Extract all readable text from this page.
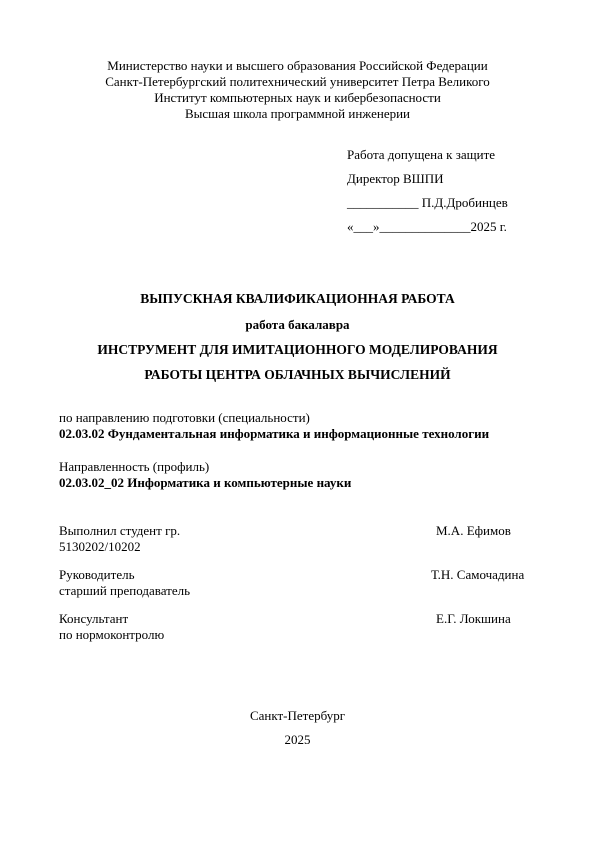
Министерство науки и высшего образования Российской Федерации
Санкт-Петербургский политехнический университет Петра Великого
Институт компьютерных наук и кибербезопасности
Высшая школа программной инженерии
Работа допущена к защите
Директор ВШПИ
___________ П.Д.Дробинцев
«___»______________2025 г.
ВЫПУСКНАЯ КВАЛИФИКАЦИОННАЯ РАБОТА
работа бакалавра
ИНСТРУМЕНТ ДЛЯ ИМИТАЦИОННОГО МОДЕЛИРОВАНИЯ
РАБОТЫ ЦЕНТРА ОБЛАЧНЫХ ВЫЧИСЛЕНИЙ
по направлению подготовки (специальности)
02.03.02 Фундаментальная информатика и информационные технологии
Направленность (профиль)
02.03.02_02 Информатика и компьютерные науки
Выполнил студент гр.
5130202/10202
М.А. Ефимов
Руководитель
старший преподаватель
Т.Н. Самочадина
Консультант
по нормоконтролю
Е.Г. Локшина
Санкт-Петербург
2025
